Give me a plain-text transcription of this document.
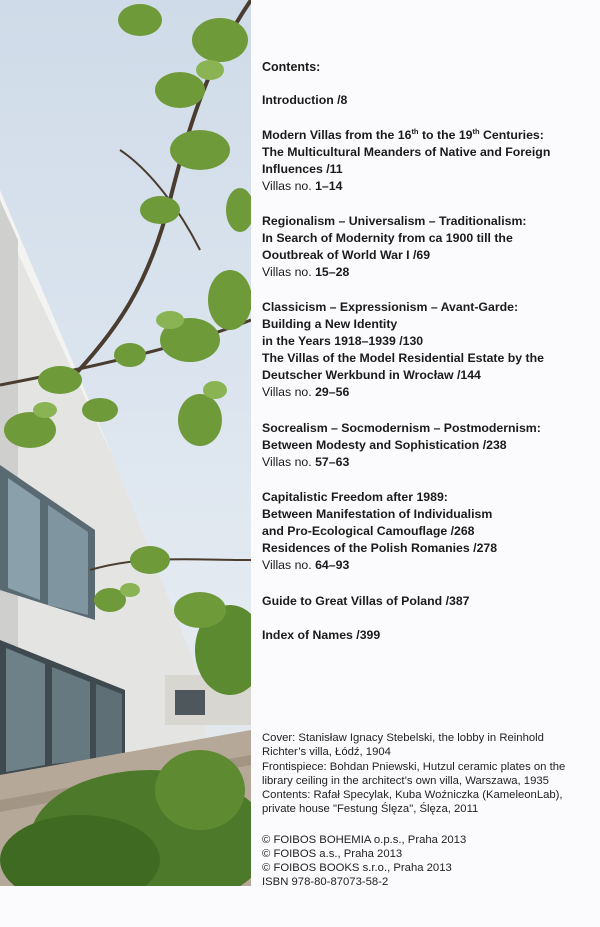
Contents:
Introduction /8
Modern Villas from the 16th to the 19th Centuries:
The Multicultural Meanders of Native and Foreign
Influences /11
Villas no. 1–14
Regionalism – Universalism – Traditionalism:
In Search of Modernity from ca 1900 till the
Ooutbreak of World War I /69
Villas no. 15–28
Classicism – Expressionism – Avant-Garde:
Building a New Identity
in the Years 1918–1939 /130
The Villas of the Model Residential Estate by the
Deutscher Werkbund in Wrocław /144
Villas no. 29–56
Socrealism – Socmodernism – Postmodernism:
Between Modesty and Sophistication /238
Villas no. 57–63
Capitalistic Freedom after 1989:
Between Manifestation of Individualism
and Pro-Ecological Camouflage /268
Residences of the Polish Romanies /278
Villas no. 64–93
Guide to Great Villas of Poland /387
Index of Names /399
Cover: Stanisław Ignacy Stebelski, the lobby in Reinhold
Richter’s villa, Łódź, 1904
Frontispiece: Bohdan Pniewski, Hutzul ceramic plates on the
library ceiling in the architect’s own villa, Warszawa, 1935
Contents: Rafał Specylak, Kuba Woźniczka (KameleonLab),
private house "Festung Ślęza", Ślęza, 2011
© FOIBOS BOHEMIA o.p.s., Praha 2013
© FOIBOS a.s., Praha 2013
© FOIBOS BOOKS s.r.o., Praha 2013
ISBN 978-80-87073-58-2
